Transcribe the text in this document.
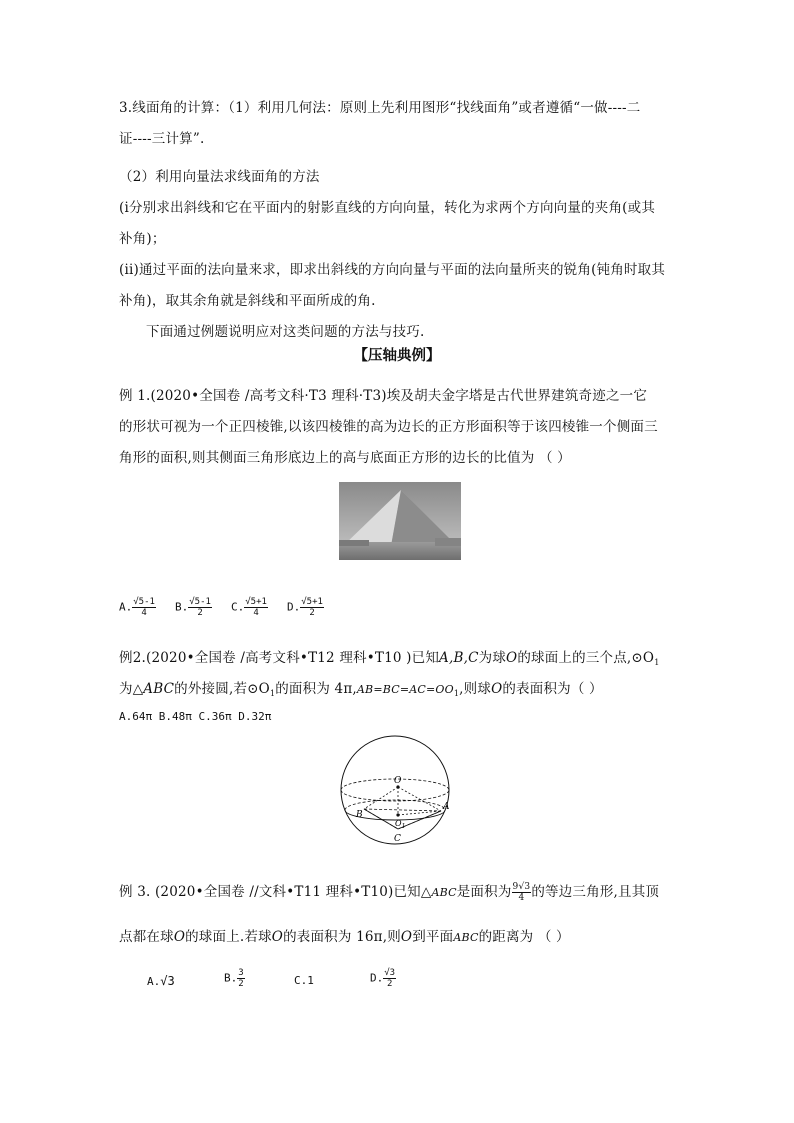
3.线面角的计算：（1）利用几何法：原则上先利用图形“找线面角”或者遵循“一做----二
证----三计算”.
（2）利用向量法求线面角的方法
(i分别求出斜线和它在平面内的射影直线的方向向量，转化为求两个方向向量的夹角(或其
补角)；
(ii)通过平面的法向量来求，即求出斜线的方向向量与平面的法向量所夹的锐角(钝角时取其
补角)，取其余角就是斜线和平面所成的角.
下面通过例题说明应对这类问题的方法与技巧.
【压轴典例】
例 1.(2020•全国卷 /高考文科·T3 理科·T3)埃及胡夫金字塔是古代世界建筑奇迹之一它
的形状可视为一个正四棱锥,以该四棱锥的高为边长的正方形面积等于该四棱锥一个侧面三
角形的面积,则其侧面三角形底边上的高与底面正方形的边长的比值为 （ ）
A. $\frac{√5-1}{4} B$. $\frac{√5-1}{2} C$. $\frac{√5+1}{4} D$. $\frac{√5+1}{2}$
例2.(2020•全国卷 /高考文科•T12 理科•T10 )已知A,B,C为球O的球面上的三个点$,⊙O_1$
为△ABC的外接圆,若$⊙O_1$的面积为 $4\pi,AB=BC=AC=OO_1$,则球O的表面积为（ ）
A.64π B.48π C.36π D.32π
O
A
B
C
$O_1$
例 3. (2020•全国卷 //文科•T11 理科•T10)已知△ABC是面积为 $\frac{9√3}{4}$ 的等边三角形,且其顶
点都在球O的球面上.若球O的表面积为 16π,则O到平面ABC的距离为 （ ）
A.√3	B. $\frac{3}{2}$	C.1	D. $\frac{√3}{2}$
